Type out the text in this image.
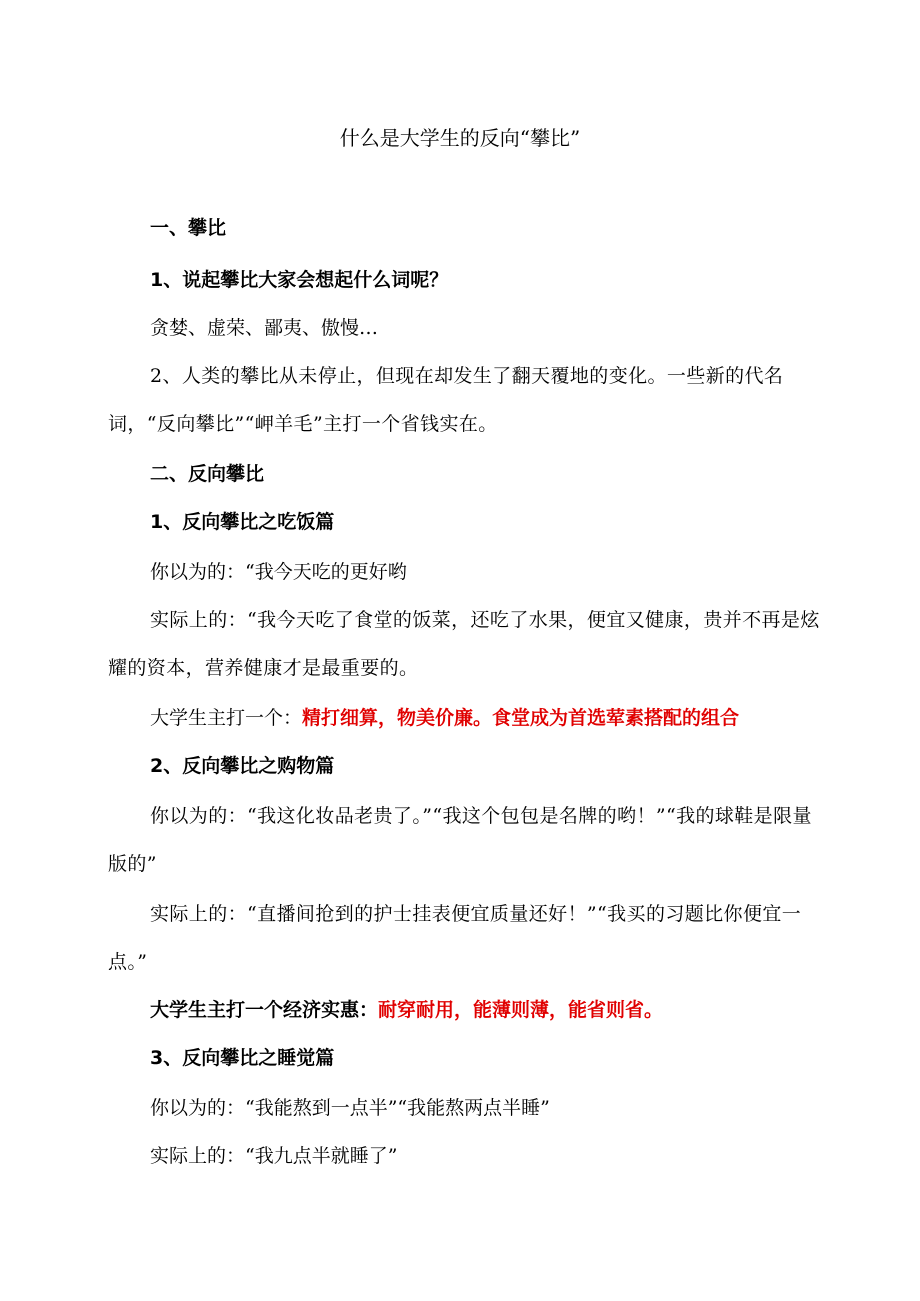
什么是大学生的反向“攀比”
一、攀比
1、说起攀比大家会想起什么词呢？
贪婪、虚荣、鄙夷、傲慢…
2、人类的攀比从未停止，但现在却发生了翻天覆地的变化。一些新的代名词，“反向攀比”“岬羊毛”主打一个省钱实在。
二、反向攀比
1、反向攀比之吃饭篇
你以为的：“我今天吃的更好哟
实际上的：“我今天吃了食堂的饭菜，还吃了水果，便宜又健康，贵并不再是炫耀的资本，营养健康才是最重要的。
大学生主打一个：精打细算，物美价廉。食堂成为首选荤素搭配的组合
2、反向攀比之购物篇
你以为的：“我这化妆品老贵了。”“我这个包包是名牌的哟！”“我的球鞋是限量版的”
实际上的：“直播间抢到的护士挂表便宜质量还好！”“我买的习题比你便宜一点。”
大学生主打一个经济实惠：耐穿耐用，能薄则薄，能省则省。
3、反向攀比之睡觉篇
你以为的：“我能熬到一点半”“我能熬两点半睡”
实际上的：“我九点半就睡了”
